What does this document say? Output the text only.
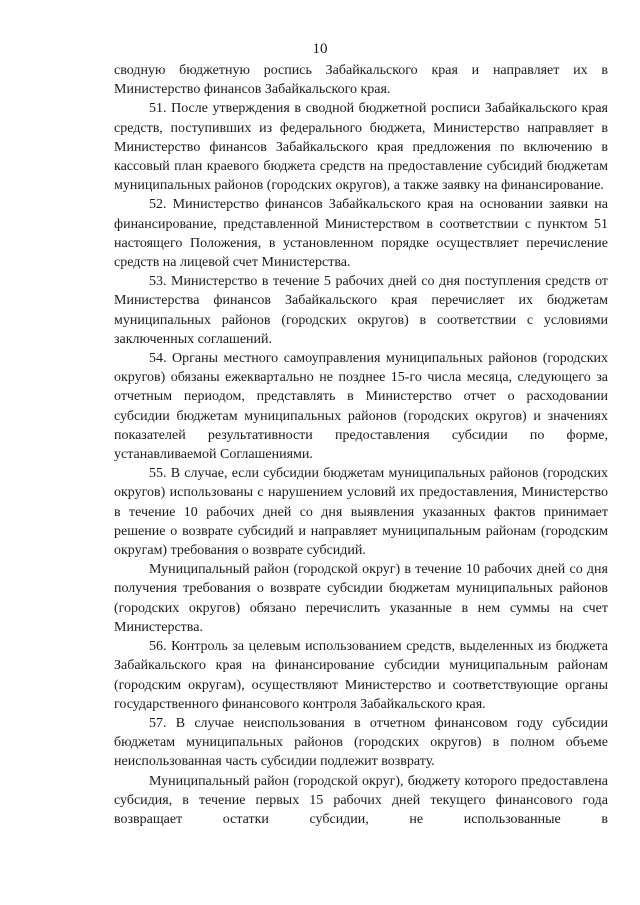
10

сводную бюджетную роспись Забайкальского края и направляет их в Министерство финансов Забайкальского края.

51. После утверждения в сводной бюджетной росписи Забайкальского края средств, поступивших из федерального бюджета, Министерство направляет в Министерство финансов Забайкальского края предложения по включению в кассовый план краевого бюджета средств на предоставление субсидий бюджетам муниципальных районов (городских округов), а также заявку на финансирование.

52. Министерство финансов Забайкальского края на основании заявки на финансирование, представленной Министерством в соответствии с пунктом 51 настоящего Положения, в установленном порядке осуществляет перечисление средств на лицевой счет Министерства.

53. Министерство в течение 5 рабочих дней со дня поступления средств от Министерства финансов Забайкальского края перечисляет их бюджетам муниципальных районов (городских округов) в соответствии с условиями заключенных соглашений.

54. Органы местного самоуправления муниципальных районов (городских округов) обязаны ежеквартально не позднее 15-го числа месяца, следующего за отчетным периодом, представлять в Министерство отчет о расходовании субсидии бюджетам муниципальных районов (городских округов) и значениях показателей результативности предоставления субсидии по форме, устанавливаемой Соглашениями.

55. В случае, если субсидии бюджетам муниципальных районов (городских округов) использованы с нарушением условий их предоставления, Министерство в течение 10 рабочих дней со дня выявления указанных фактов принимает решение о возврате субсидий и направляет муниципальным районам (городским округам) требования о возврате субсидий.

Муниципальный район (городской округ) в течение 10 рабочих дней со дня получения требования о возврате субсидии бюджетам муниципальных районов (городских округов) обязано перечислить указанные в нем суммы на счет Министерства.

56. Контроль за целевым использованием средств, выделенных из бюджета Забайкальского края на финансирование субсидии муниципальным районам (городским округам), осуществляют Министерство и соответствующие органы государственного финансового контроля Забайкальского края.

57. В случае неиспользования в отчетном финансовом году субсидии бюджетам муниципальных районов (городских округов) в полном объеме неиспользованная часть субсидии подлежит возврату.

Муниципальный район (городской округ), бюджету которого предоставлена субсидия, в течение первых 15 рабочих дней текущего финансового года возвращает остатки субсидии, не использованные в
